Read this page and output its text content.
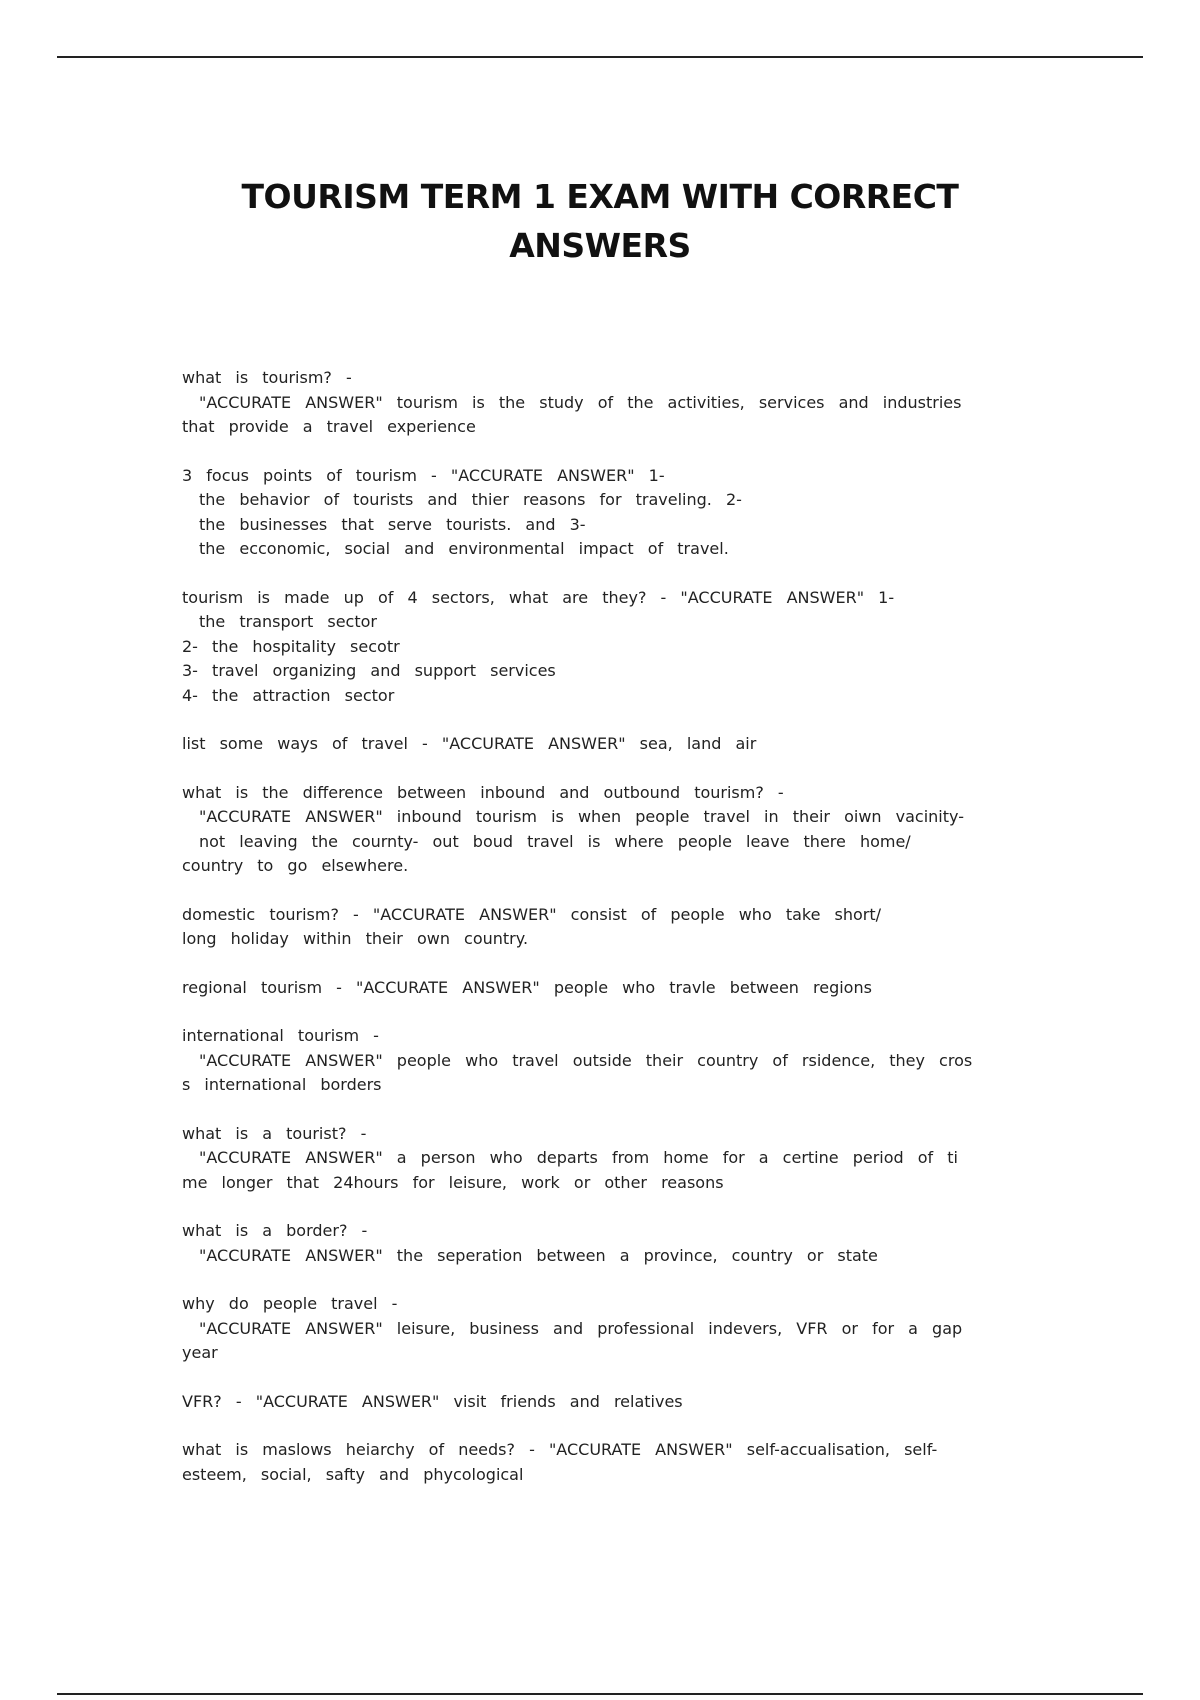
TOURISM TERM 1 EXAM WITH CORRECT
ANSWERS
what is tourism? -
"ACCURATE ANSWER" tourism is the study of the activities, services and industries
that provide a travel experience
3 focus points of tourism - "ACCURATE ANSWER" 1-
the behavior of tourists and thier reasons for traveling. 2-
the businesses that serve tourists. and 3-
the ecconomic, social and environmental impact of travel.
tourism is made up of 4 sectors, what are they? - "ACCURATE ANSWER" 1-
the transport sector
2- the hospitality secotr
3- travel organizing and support services
4- the attraction sector
list some ways of travel - "ACCURATE ANSWER" sea, land air
what is the difference between inbound and outbound tourism? -
"ACCURATE ANSWER" inbound tourism is when people travel in their oiwn vacinity-
not leaving the cournty- out boud travel is where people leave there home/
country to go elsewhere.
domestic tourism? - "ACCURATE ANSWER" consist of people who take short/
long holiday within their own country.
regional tourism - "ACCURATE ANSWER" people who travle between regions
international tourism -
"ACCURATE ANSWER" people who travel outside their country of rsidence, they cros
s international borders
what is a tourist? -
"ACCURATE ANSWER" a person who departs from home for a certine period of ti
me longer that 24hours for leisure, work or other reasons
what is a border? -
"ACCURATE ANSWER" the seperation between a province, country or state
why do people travel -
"ACCURATE ANSWER" leisure, business and professional indevers, VFR or for a gap
year
VFR? - "ACCURATE ANSWER" visit friends and relatives
what is maslows heiarchy of needs? - "ACCURATE ANSWER" self-accualisation, self-
esteem, social, safty and phycological
